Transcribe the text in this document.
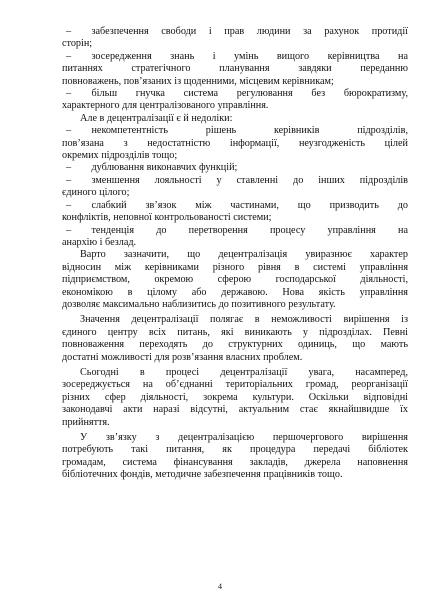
–  забезпечення свободи і прав людини за рахунок протидії
сторін;
–  зосередження знань і умінь вищого керівництва на
питаннях стратегічного планування завдяки переданню
повноважень, пов’язаних із щоденними, місцевим керівникам;
–  більш гнучка система регулювання без бюрократизму,
характерного для централізованого управління.
Але в децентралізації є й недоліки:
–  некомпетентність рішень керівників підрозділів,
пов’язана з недостатністю інформації, неузгодженість цілей
окремих підрозділів тощо;
–  дублювання виконавчих функцій;
–  зменшення лояльності у ставленні до інших підрозділів
єдиного цілого;
–  слабкий зв’язок між частинами, що призводить до
конфліктів, неповної контрольованості системи;
–  тенденція до перетворення процесу управління на
анархію і безлад.
Варто зазначити, що децентралізація увиразнює характер
відносин між керівниками різного рівня в системі управління
підприємством, окремою сферою господарської діяльності,
економікою в цілому або державою. Нова якість управління
дозволяє максимально наблизитись до позитивного результату.
Значення децентралізації полягає в неможливості вирішення із
єдиного центру всіх питань, які виникають у підрозділах. Певні
повноваження переходять до структурних одиниць, що мають
достатні можливості для розв’язання власних проблем.
Сьогодні в процесі децентралізації увага, насамперед,
зосереджується на об’єднанні територіальних громад, реорганізації
різних сфер діяльності, зокрема культури. Оскільки відповідні
законодавчі акти наразі відсутні, актуальним стає якнайшвидше їх
прийняття.
У зв’язку з децентралізацією першочергового вирішення
потребують такі питання, як процедура передачі бібліотек
громадам, система фінансування закладів, джерела наповнення
бібліотечних фондів, методичне забезпечення працівників тощо.
4
